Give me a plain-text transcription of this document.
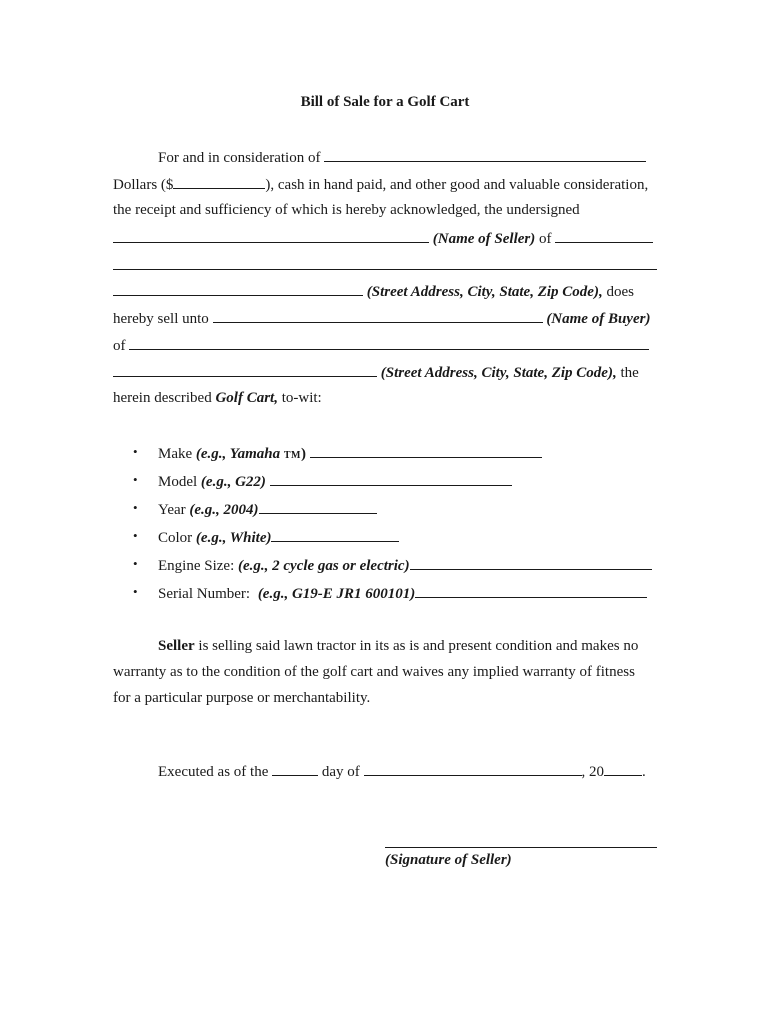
Bill of Sale for a Golf Cart
For and in consideration of
Dollars ($	), cash in hand paid, and other good and valuable consideration,
the receipt and sufficiency of which is hereby acknowledged, the undersigned
(Name of Seller) of
(Street Address, City, State, Zip Code), does
hereby sell unto	(Name of Buyer)
of
(Street Address, City, State, Zip Code), the
herein described Golf Cart, to-wit:
• Make (e.g., Yamaha TM)
• Model (e.g., G22)
• Year (e.g., 2004)
• Color (e.g., White)
• Engine Size: (e.g., 2 cycle gas or electric)
• Serial Number: (e.g., G19-E JR1 600101)
Seller is selling said lawn tractor in its as is and present condition and makes no
warranty as to the condition of the golf cart and waives any implied warranty of fitness
for a particular purpose or merchantability.
Executed as of the	day of	, 20	.
(Signature of Seller)
